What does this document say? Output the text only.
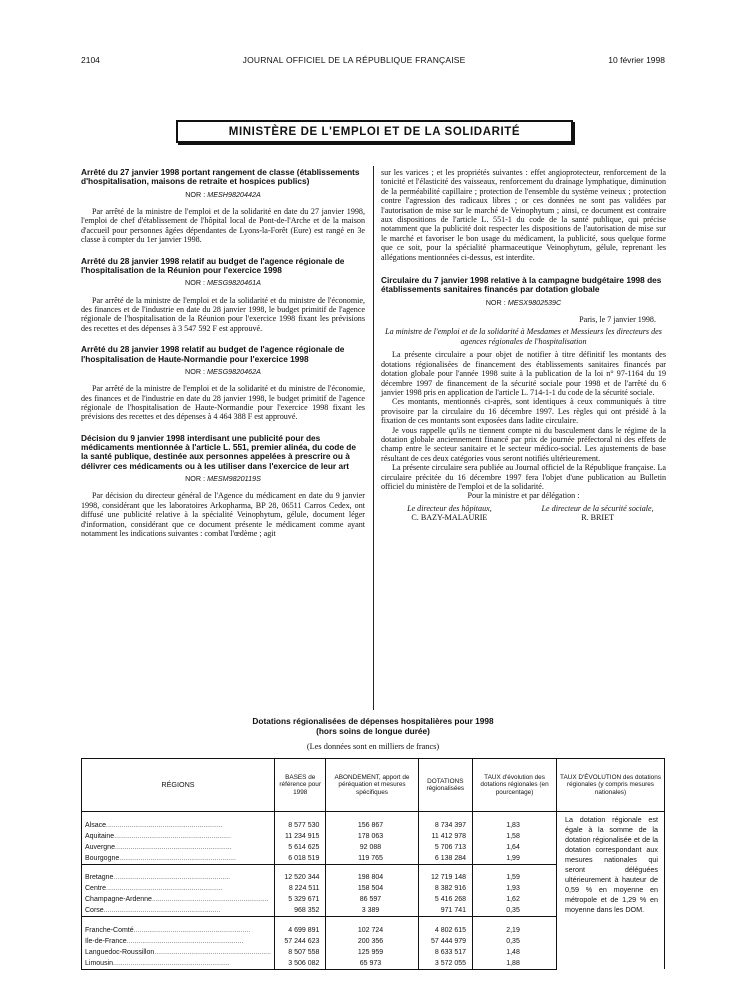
2104	JOURNAL OFFICIEL DE LA RÉPUBLIQUE FRANÇAISE	10 février 1998
MINISTÈRE DE L'EMPLOI ET DE LA SOLIDARITÉ
Arrêté du 27 janvier 1998 portant rangement de classe (établissements d'hospitalisation, maisons de retraite et hospices publics)
NOR : MESH9820442A

Par arrêté de la ministre de l'emploi et de la solidarité en date du 27 janvier 1998, l'emploi de chef d'établissement de l'hôpital local de Pont-de-l'Arche et de la maison d'accueil pour personnes âgées dépendantes de Lyons-la-Forêt (Eure) est rangé en 3e classe à compter du 1er janvier 1998.

Arrêté du 28 janvier 1998 relatif au budget de l'agence régionale de l'hospitalisation de la Réunion pour l'exercice 1998
NOR : MESG9820461A

Par arrêté de la ministre de l'emploi et de la solidarité et du ministre de l'économie, des finances et de l'industrie en date du 28 janvier 1998, le budget primitif de l'agence régionale de l'hospitalisation de la Réunion pour l'exercice 1998 fixant les prévisions des recettes et des dépenses à 3 547 592 F est approuvé.

Arrêté du 28 janvier 1998 relatif au budget de l'agence régionale de l'hospitalisation de Haute-Normandie pour l'exercice 1998
NOR : MESG9820462A

Par arrêté de la ministre de l'emploi et de la solidarité et du ministre de l'économie, des finances et de l'industrie en date du 28 janvier 1998, le budget primitif de l'agence régionale de l'hospitalisation de Haute-Normandie pour l'exercice 1998 fixant les prévisions des recettes et des dépenses à 4 464 388 F est approuvé.

Décision du 9 janvier 1998 interdisant une publicité pour des médicaments mentionnée à l'article L. 551, premier alinéa, du code de la santé publique, destinée aux personnes appelées à prescrire ou à délivrer ces médicaments ou à les utiliser dans l'exercice de leur art
NOR : MESM9820119S

Par décision du directeur général de l'Agence du médicament en date du 9 janvier 1998, considérant que les laboratoires Arkopharma, BP 28, 06511 Carros Cedex, ont diffusé une publicité relative à la spécialité Veinophytum, gélule, document léger d'information, considérant que ce document présente le médicament comme ayant notamment les indications suivantes : combat l'œdème ; agit

sur les varices ; et les propriétés suivantes : effet angioprotecteur, renforcement de la tonicité et l'élasticité des vaisseaux, renforcement du drainage lymphatique, diminution de la perméabilité capillaire ; protection de l'ensemble du système veineux ; protection contre l'agression des radicaux libres ; or ces données ne sont pas validées par l'autorisation de mise sur le marché de Veinophytum ; ainsi, ce document est contraire aux dispositions de l'article L. 551-1 du code de la santé publique, qui précise notamment que la publicité doit respecter les dispositions de l'autorisation de mise sur le marché et favoriser le bon usage du médicament, la publicité, sous quelque forme que ce soit, pour la spécialité pharmaceutique Veinophytum, gélule, reprenant les allégations mentionnées ci-dessus, est interdite.

Circulaire du 7 janvier 1998 relative à la campagne budgétaire 1998 des établissements sanitaires financés par dotation globale
NOR : MESX9802539C
Paris, le 7 janvier 1998.
La ministre de l'emploi et de la solidarité à Mesdames et Messieurs les directeurs des agences régionales de l'hospitalisation

La présente circulaire a pour objet de notifier à titre définitif les montants des dotations régionalisées de financement des établissements sanitaires financés par dotation globale pour l'année 1998 suite à la publication de la loi n° 97-1164 du 19 décembre 1997 de financement de la sécurité sociale pour 1998 et de l'arrêté du 6 janvier 1998 pris en application de l'article L. 714-1-1 du code de la sécurité sociale.

Ces montants, mentionnés ci-après, sont identiques à ceux communiqués à titre provisoire par la circulaire du 16 décembre 1997. Les règles qui ont présidé à la fixation de ces montants sont exposées dans ladite circulaire.

Je vous rappelle qu'ils ne tiennent compte ni du basculement dans le régime de la dotation globale anciennement financé par prix de journée préfectoral ni des effets de champ entre le secteur sanitaire et le secteur médico-social. Les ajustements de base résultant de ces deux catégories vous seront notifiés ultérieurement.

La présente circulaire sera publiée au Journal officiel de la République française. La circulaire précitée du 16 décembre 1997 fera l'objet d'une publication au Bulletin officiel du ministère de l'emploi et de la solidarité.

Pour la ministre et par délégation :
Le directeur des hôpitaux,
C. BAZY-MALAURIE
Le directeur de la sécurité sociale,
R. BRIET
Dotations régionalisées de dépenses hospitalières pour 1998
(hors soins de longue durée)
(Les données sont en milliers de francs)
RÉGIONS	BASES de référence pour 1998	ABONDEMENT, apport de péréquation et mesures spécifiques	DOTATIONS régionalisées	TAUX d'évolution des dotations régionales (en pourcentage)	TAUX D'ÉVOLUTION des dotations régionales (y compris mesures nationales)
					La dotation régionale est égale à la somme de la dotation régionalisée et de la dotation correspondant aux mesures nationales qui seront déléguées ultérieurement à hauteur de 0,59 % en moyenne en métropole et de 1,29 % en moyenne dans les DOM.
Alsace............................................................	8 577 530	156 867	8 734 397	1,83	
Aquitaine............................................................	11 234 915	178 063	11 412 978	1,58	
Auvergne............................................................	5 614 625	92 088	5 706 713	1,64	
Bourgogne............................................................	6 018 519	119 765	6 138 284	1,99	

Bretagne............................................................	12 520 344	198 804	12 719 148	1,59	
Centre............................................................	8 224 511	158 504	8 382 916	1,93	
Champagne-Ardenne............................................................	5 329 671	86 597	5 416 268	1,62	
Corse............................................................	968 352	3 389	971 741	0,35	

Franche-Comté............................................................	4 699 891	102 724	4 802 615	2,19	
Ile-de-France............................................................	57 244 623	200 356	57 444 979	0,35	
Languedoc-Roussillon............................................................	8 507 558	125 959	8 633 517	1,48	
Limousin............................................................	3 506 082	65 973	3 572 055	1,88	
